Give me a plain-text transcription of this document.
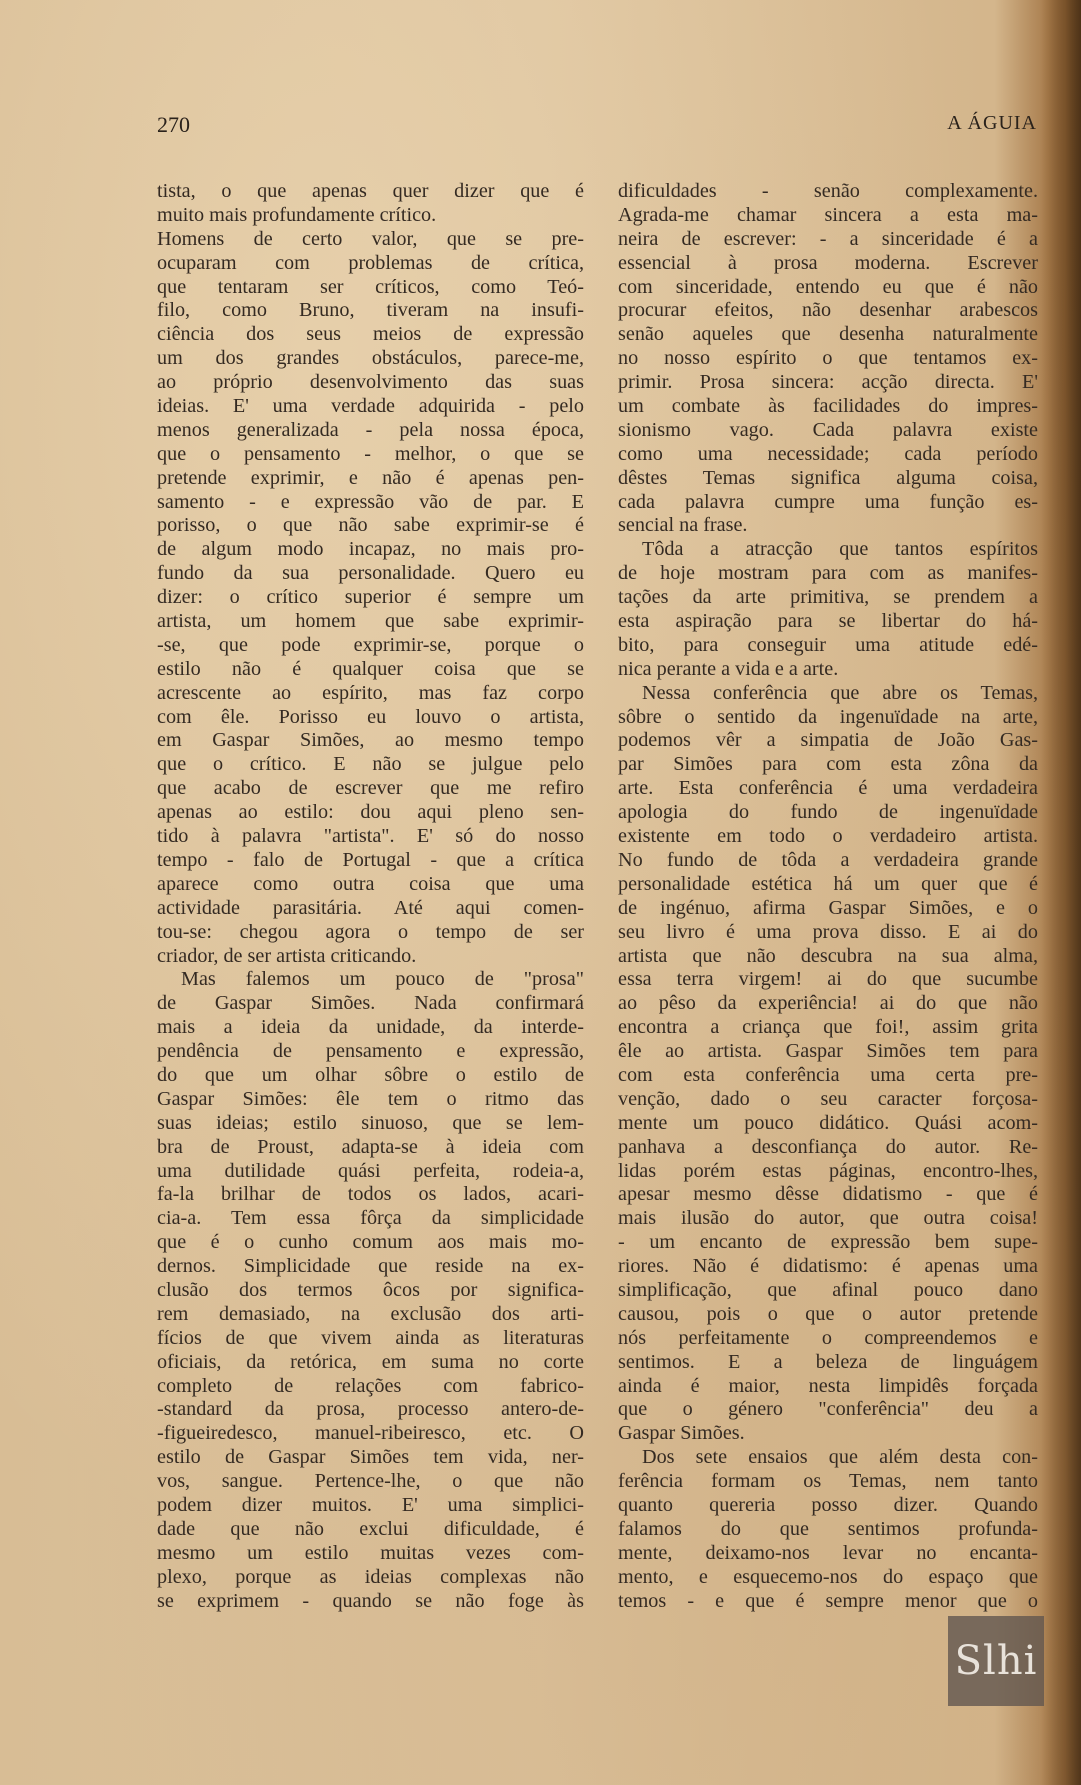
270	A ÁGUIA
tista, o que apenas quer dizer que é
muito mais profundamente crítico.
Homens de certo valor, que se pre-
ocuparam com problemas de crítica,
que tentaram ser críticos, como Teó-
filo, como Bruno, tiveram na insufi-
ciência dos seus meios de expressão
um dos grandes obstáculos, parece-me,
ao próprio desenvolvimento das suas
ideias. E' uma verdade adquirida - pelo
menos generalizada - pela nossa época,
que o pensamento - melhor, o que se
pretende exprimir, e não é apenas pen-
samento - e expressão vão de par. E
porisso, o que não sabe exprimir-se é
de algum modo incapaz, no mais pro-
fundo da sua personalidade. Quero eu
dizer: o crítico superior é sempre um
artista, um homem que sabe exprimir-
-se, que pode exprimir-se, porque o
estilo não é qualquer coisa que se
acrescente ao espírito, mas faz corpo
com êle. Porisso eu louvo o artista,
em Gaspar Simões, ao mesmo tempo
que o crítico. E não se julgue pelo
que acabo de escrever que me refiro
apenas ao estilo: dou aqui pleno sen-
tido à palavra "artista". E' só do nosso
tempo - falo de Portugal - que a crítica
aparece como outra coisa que uma
actividade parasitária. Até aqui comen-
tou-se: chegou agora o tempo de ser
criador, de ser artista criticando.
Mas falemos um pouco de "prosa"
de Gaspar Simões. Nada confirmará
mais a ideia da unidade, da interde-
pendência de pensamento e expressão,
do que um olhar sôbre o estilo de
Gaspar Simões: êle tem o ritmo das
suas ideias; estilo sinuoso, que se lem-
bra de Proust, adapta-se à ideia com
uma dutilidade quási perfeita, rodeia-a,
fa-la brilhar de todos os lados, acari-
cia-a. Tem essa fôrça da simplicidade
que é o cunho comum aos mais mo-
dernos. Simplicidade que reside na ex-
clusão dos termos ôcos por significa-
rem demasiado, na exclusão dos arti-
fícios de que vivem ainda as literaturas
oficiais, da retórica, em suma no corte
completo de relações com fabrico-
-standard da prosa, processo antero-de-
-figueiredesco, manuel-ribeiresco, etc. O
estilo de Gaspar Simões tem vida, ner-
vos, sangue. Pertence-lhe, o que não
podem dizer muitos. E' uma simplici-
dade que não exclui dificuldade, é
mesmo um estilo muitas vezes com-
plexo, porque as ideias complexas não
se exprimem - quando se não foge às
dificuldades - senão complexamente.
Agrada-me chamar sincera a esta ma-
neira de escrever: - a sinceridade é a
essencial à prosa moderna. Escrever
com sinceridade, entendo eu que é não
procurar efeitos, não desenhar arabescos
senão aqueles que desenha naturalmente
no nosso espírito o que tentamos ex-
primir. Prosa sincera: acção directa. E'
um combate às facilidades do impres-
sionismo vago. Cada palavra existe
como uma necessidade; cada período
dêstes Temas significa alguma coisa,
cada palavra cumpre uma função es-
sencial na frase.
Tôda a atracção que tantos espíritos
de hoje mostram para com as manifes-
tações da arte primitiva, se prendem a
esta aspiração para se libertar do há-
bito, para conseguir uma atitude edé-
nica perante a vida e a arte.
Nessa conferência que abre os Temas,
sôbre o sentido da ingenuïdade na arte,
podemos vêr a simpatia de João Gas-
par Simões para com esta zôna da
arte. Esta conferência é uma verdadeira
apologia do fundo de ingenuïdade
existente em todo o verdadeiro artista.
No fundo de tôda a verdadeira grande
personalidade estética há um quer que é
de ingénuo, afirma Gaspar Simões, e o
seu livro é uma prova disso. E ai do
artista que não descubra na sua alma,
essa terra virgem! ai do que sucumbe
ao pêso da experiência! ai do que não
encontra a criança que foi!, assim grita
êle ao artista. Gaspar Simões tem para
com esta conferência uma certa pre-
venção, dado o seu caracter forçosa-
mente um pouco didático. Quási acom-
panhava a desconfiança do autor. Re-
lidas porém estas páginas, encontro-lhes,
apesar mesmo dêsse didatismo - que é
mais ilusão do autor, que outra coisa!
- um encanto de expressão bem supe-
riores. Não é didatismo: é apenas uma
simplificação, que afinal pouco dano
causou, pois o que o autor pretende
nós perfeitamente o compreendemos e
sentimos. E a beleza de linguágem
ainda é maior, nesta limpidês forçada
que o género "conferência" deu a
Gaspar Simões.
Dos sete ensaios que além desta con-
ferência formam os Temas, nem tanto
quanto quereria posso dizer. Quando
falamos do que sentimos profunda-
mente, deixamo-nos levar no encanta-
mento, e esquecemo-nos do espaço que
temos - e que é sempre menor que o
Slhi
